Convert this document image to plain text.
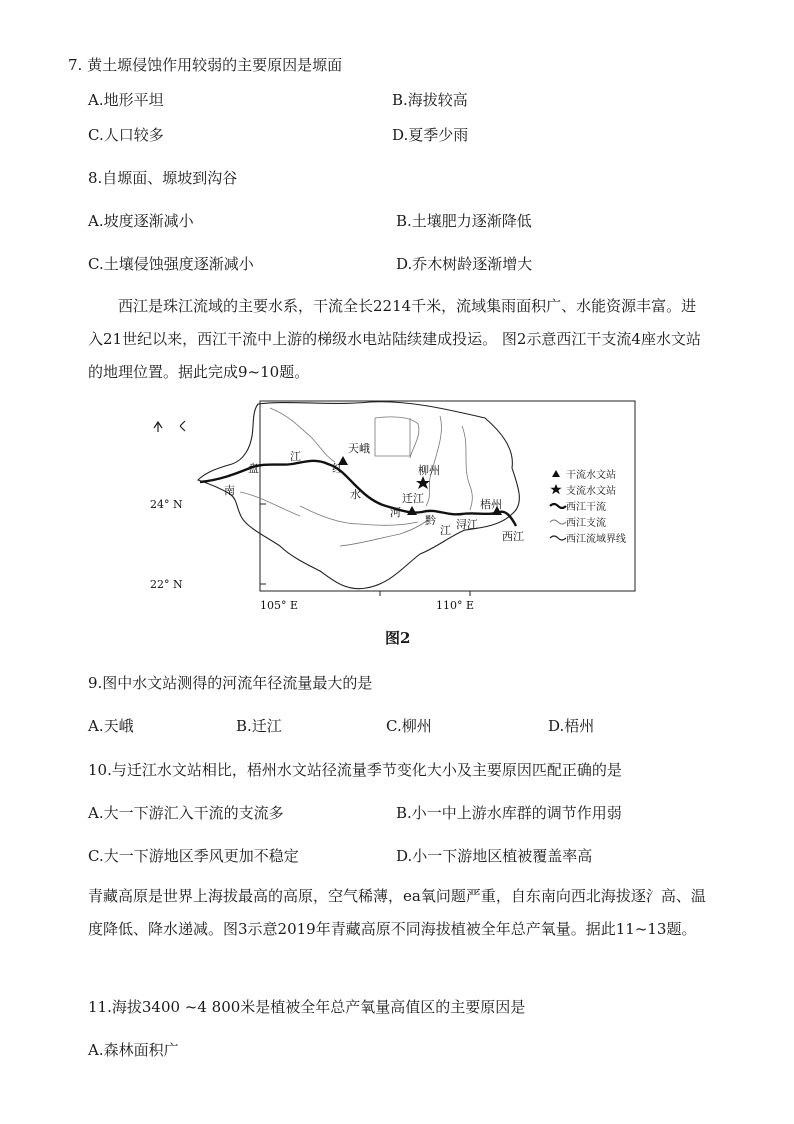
7. 黄土塬侵蚀作用较弱的主要原因是塬面
A.地形平坦	B.海拔较高
C.人口较多	D.夏季少雨
8.自塬面、塬坡到沟谷
A.坡度逐渐减小	B.土壤肥力逐渐降低
C.土壤侵蚀强度逐渐减小	D.乔木树龄逐渐增大
西江是珠江流域的主要水系，干流全长2214千米，流域集雨面积广、水能资源丰富。进入21世纪以来，西江干流中上游的梯级水电站陆续建成投运。 图2示意西江干支流4座水文站的地理位置。据此完成9~10题。
天峨
柳州
迁江	梧州
南
盘
江
红
水
河
黔
江 浔江
西江
24° N
22° N
105° E	110° E
干流水文站
支流水文站
西江干流
西江支流
西江流域界线
图2
9.图中水文站测得的河流年径流量最大的是
A.天峨	B.迁江	C.柳州	D.梧州
10.与迁江水文站相比，梧州水文站径流量季节变化大小及主要原因匹配正确的是
A.大一下游汇入干流的支流多	B.小一中上游水库群的调节作用弱
C.大一下游地区季风更加不稳定	D.小一下游地区植被覆盖率高
青藏高原是世界上海拔最高的高原，空气稀薄，ea氧问题严重，自东南向西北海拔逐氵高、温度降低、降水递减。图3示意2019年青藏高原不同海拔植被全年总产氧量。据此11~13题。
11.海拔3400 ~4 800米是植被全年总产氧量高值区的主要原因是
A.森林面积广
